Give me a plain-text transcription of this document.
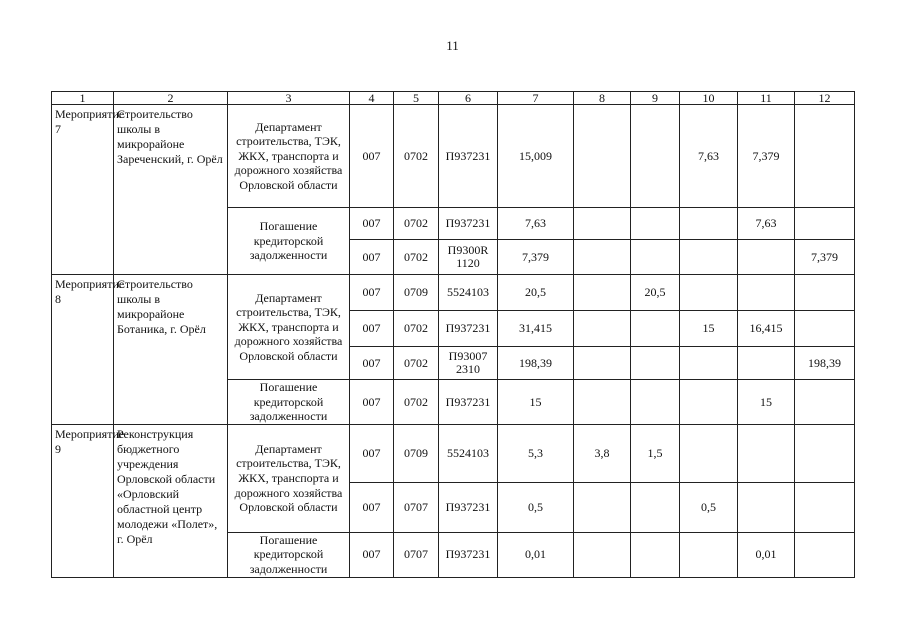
11
1	2	3	4	5	6	7	8	9	10	11	12
Мероприятие 7	Строительство школы в микрорайоне Зареченский, г. Орёл	Департамент строительства, ТЭК, ЖКХ, транспорта и дорожного хозяйства Орловской области	007	0702	П937231	15,009			7,63	7,379	
		Погашение кредиторской задолженности	007	0702	П937231	7,63				7,63	
			007	0702	П9300R 1120	7,379					7,379
Мероприятие 8	Строительство школы в микрорайоне Ботаника, г. Орёл	Департамент строительства, ТЭК, ЖКХ, транспорта и дорожного хозяйства Орловской области	007	0709	5524103	20,5		20,5			
			007	0702	П937231	31,415			15	16,415	
			007	0702	П93007 2310	198,39					198,39
		Погашение кредиторской задолженности	007	0702	П937231	15				15	
Мероприятие 9	Реконструкция бюджетного учреждения Орловской области «Орловский областной центр молодежи «Полет», г. Орёл	Департамент строительства, ТЭК, ЖКХ, транспорта и дорожного хозяйства Орловской области	007	0709	5524103	5,3	3,8	1,5			
			007	0707	П937231	0,5			0,5		
		Погашение кредиторской задолженности	007	0707	П937231	0,01				0,01	
